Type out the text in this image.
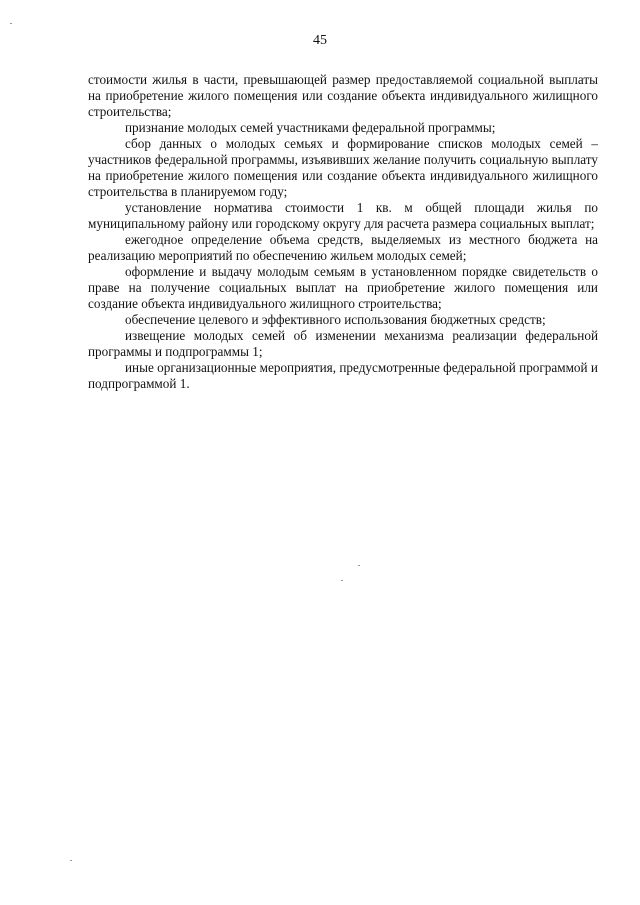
45

стоимости жилья в части, превышающей размер предоставляемой социальной выплаты на приобретение жилого помещения или создание объекта индивидуального жилищного строительства;

признание молодых семей участниками федеральной программы;

сбор данных о молодых семьях и формирование списков молодых семей – участников федеральной программы, изъявивших желание получить социальную выплату на приобретение жилого помещения или создание объекта индивидуального жилищного строительства в планируемом году;

установление норматива стоимости 1 кв. м общей площади жилья по муниципальному району или городскому округу для расчета размера социальных выплат;

ежегодное определение объема средств, выделяемых из местного бюджета на реализацию мероприятий по обеспечению жильем молодых семей;

оформление и выдачу молодым семьям в установленном порядке свидетельств о праве на получение социальных выплат на приобретение жилого помещения или создание объекта индивидуального жилищного строительства;

обеспечение целевого и эффективного использования бюджетных средств;

извещение молодых семей об изменении механизма реализации федеральной программы и подпрограммы 1;

иные организационные мероприятия, предусмотренные федеральной программой и подпрограммой 1.
